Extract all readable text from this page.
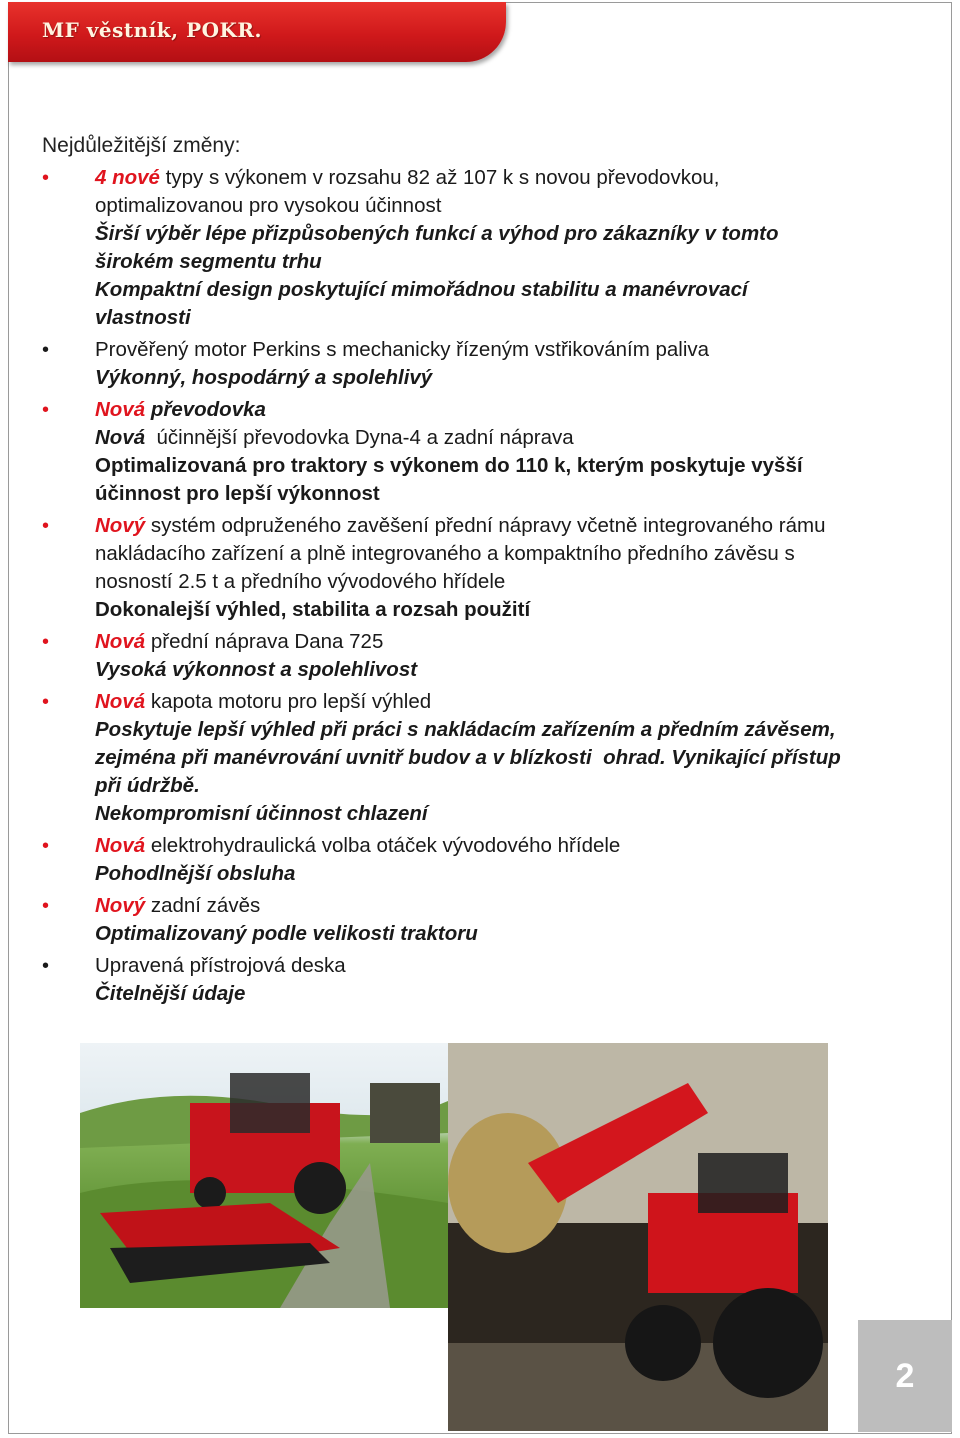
MF věstník, POKR.
Nejdůležitější změny:
• 4 nové typy s výkonem v rozsahu 82 až 107 k s novou převodovkou,
optimalizovanou pro vysokou účinnost
Širší výběr lépe přizpůsobených funkcí a výhod pro zákazníky v tomto
širokém segmentu trhu
Kompaktní design poskytující mimořádnou stabilitu a manévrovací
vlastnosti
• Prověřený motor Perkins s mechanicky řízeným vstřikováním paliva
Výkonný, hospodárný a spolehlivý
• Nová převodovka
Nová  účinnější převodovka Dyna-4 a zadní náprava
Optimalizovaná pro traktory s výkonem do 110 k, kterým poskytuje vyšší
účinnost pro lepší výkonnost
• Nový systém odpruženého zavěšení přední nápravy včetně integrovaného rámu
nakládacího zařízení a plně integrovaného a kompaktního předního závěsu s
nosností 2.5 t a předního vývodového hřídele
Dokonalejší výhled, stabilita a rozsah použití
• Nová přední náprava Dana 725
Vysoká výkonnost a spolehlivost
• Nová kapota motoru pro lepší výhled
Poskytuje lepší výhled při práci s nakládacím zařízením a předním závěsem,
zejména při manévrování uvnitř budov a v blízkosti  ohrad. Vynikající přístup
při údržbě.
Nekompromisní účinnost chlazení
• Nová elektrohydraulická volba otáček vývodového hřídele
Pohodlnější obsluha
• Nový zadní závěs
Optimalizovaný podle velikosti traktoru
• Upravená přístrojová deska
Čitelnější údaje
2
